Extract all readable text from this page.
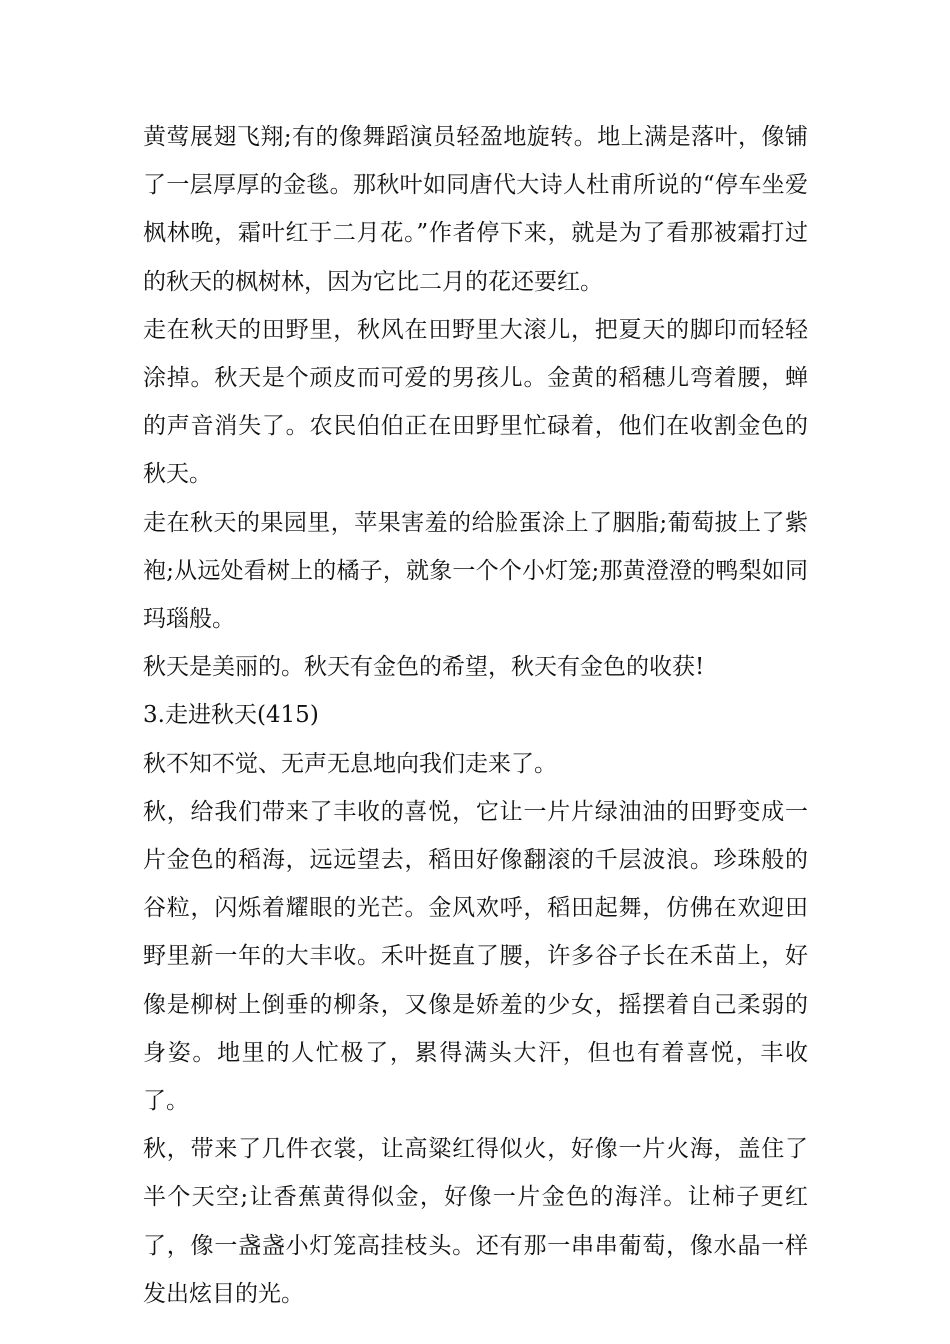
黄莺展翅飞翔;有的像舞蹈演员轻盈地旋转。地上满是落叶，像铺了一层厚厚的金毯。那秋叶如同唐代大诗人杜甫所说的“停车坐爱枫林晚，霜叶红于二月花。”作者停下来，就是为了看那被霜打过的秋天的枫树林，因为它比二月的花还要红。

走在秋天的田野里，秋风在田野里大滚儿，把夏天的脚印而轻轻涂掉。秋天是个顽皮而可爱的男孩儿。金黄的稻穗儿弯着腰，蝉的声音消失了。农民伯伯正在田野里忙碌着，他们在收割金色的秋天。

走在秋天的果园里，苹果害羞的给脸蛋涂上了胭脂;葡萄披上了紫袍;从远处看树上的橘子，就象一个个小灯笼;那黄澄澄的鸭梨如同玛瑙般。

秋天是美丽的。秋天有金色的希望，秋天有金色的收获!

3.走进秋天(415)

秋不知不觉、无声无息地向我们走来了。

秋，给我们带来了丰收的喜悦，它让一片片绿油油的田野变成一片金色的稻海，远远望去，稻田好像翻滚的千层波浪。珍珠般的谷粒，闪烁着耀眼的光芒。金风欢呼，稻田起舞，仿佛在欢迎田野里新一年的大丰收。禾叶挺直了腰，许多谷子长在禾苗上，好像是柳树上倒垂的柳条，又像是娇羞的少女，摇摆着自己柔弱的身姿。地里的人忙极了，累得满头大汗，但也有着喜悦，丰收了。

秋，带来了几件衣裳，让高粱红得似火，好像一片火海，盖住了半个天空;让香蕉黄得似金，好像一片金色的海洋。让柿子更红了，像一盏盏小灯笼高挂枝头。还有那一串串葡萄，像水晶一样发出炫目的光。
